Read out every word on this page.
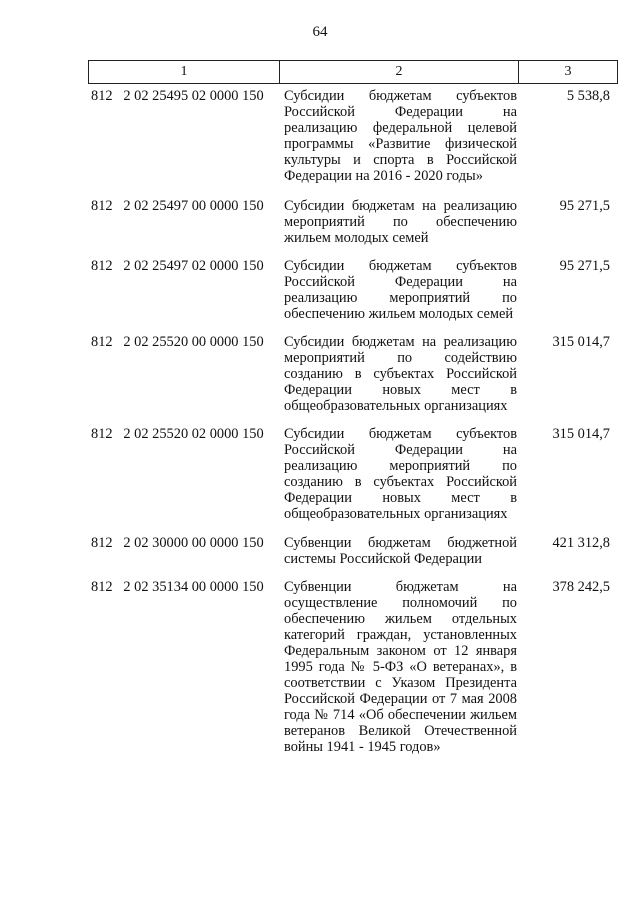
64
1	2	3
812   2 02 25495 02 0000 150 Субсидии бюджетам субъектов Российской Федерации на реализацию федеральной целевой программы «Развитие физической культуры и спорта в Российской Федерации на 2016 - 2020 годы»
5 538,8
812   2 02 25497 00 0000 150 Субсидии бюджетам на реализацию мероприятий по обеспечению жильем молодых семей
95 271,5
812   2 02 25497 02 0000 150 Субсидии бюджетам субъектов Российской Федерации на реализацию мероприятий по обеспечению жильем молодых семей
95 271,5
812   2 02 25520 00 0000 150 Субсидии бюджетам на реализацию мероприятий по содействию созданию в субъектах Российской Федерации новых мест в общеобразовательных организациях
315 014,7
812   2 02 25520 02 0000 150 Субсидии бюджетам субъектов Российской Федерации на реализацию мероприятий по созданию в субъектах Российской Федерации новых мест в общеобразовательных организациях
315 014,7
812   2 02 30000 00 0000 150 Субвенции бюджетам бюджетной системы Российской Федерации
421 312,8
812   2 02 35134 00 0000 150 Субвенции бюджетам на осуществление полномочий по обеспечению жильем отдельных категорий граждан, установленных Федеральным законом от 12 января 1995 года № 5-ФЗ «О ветеранах», в соответствии с Указом Президента Российской Федерации от 7 мая 2008 года № 714 «Об обеспечении жильем ветеранов Великой Отечественной войны 1941 - 1945 годов»
378 242,5
